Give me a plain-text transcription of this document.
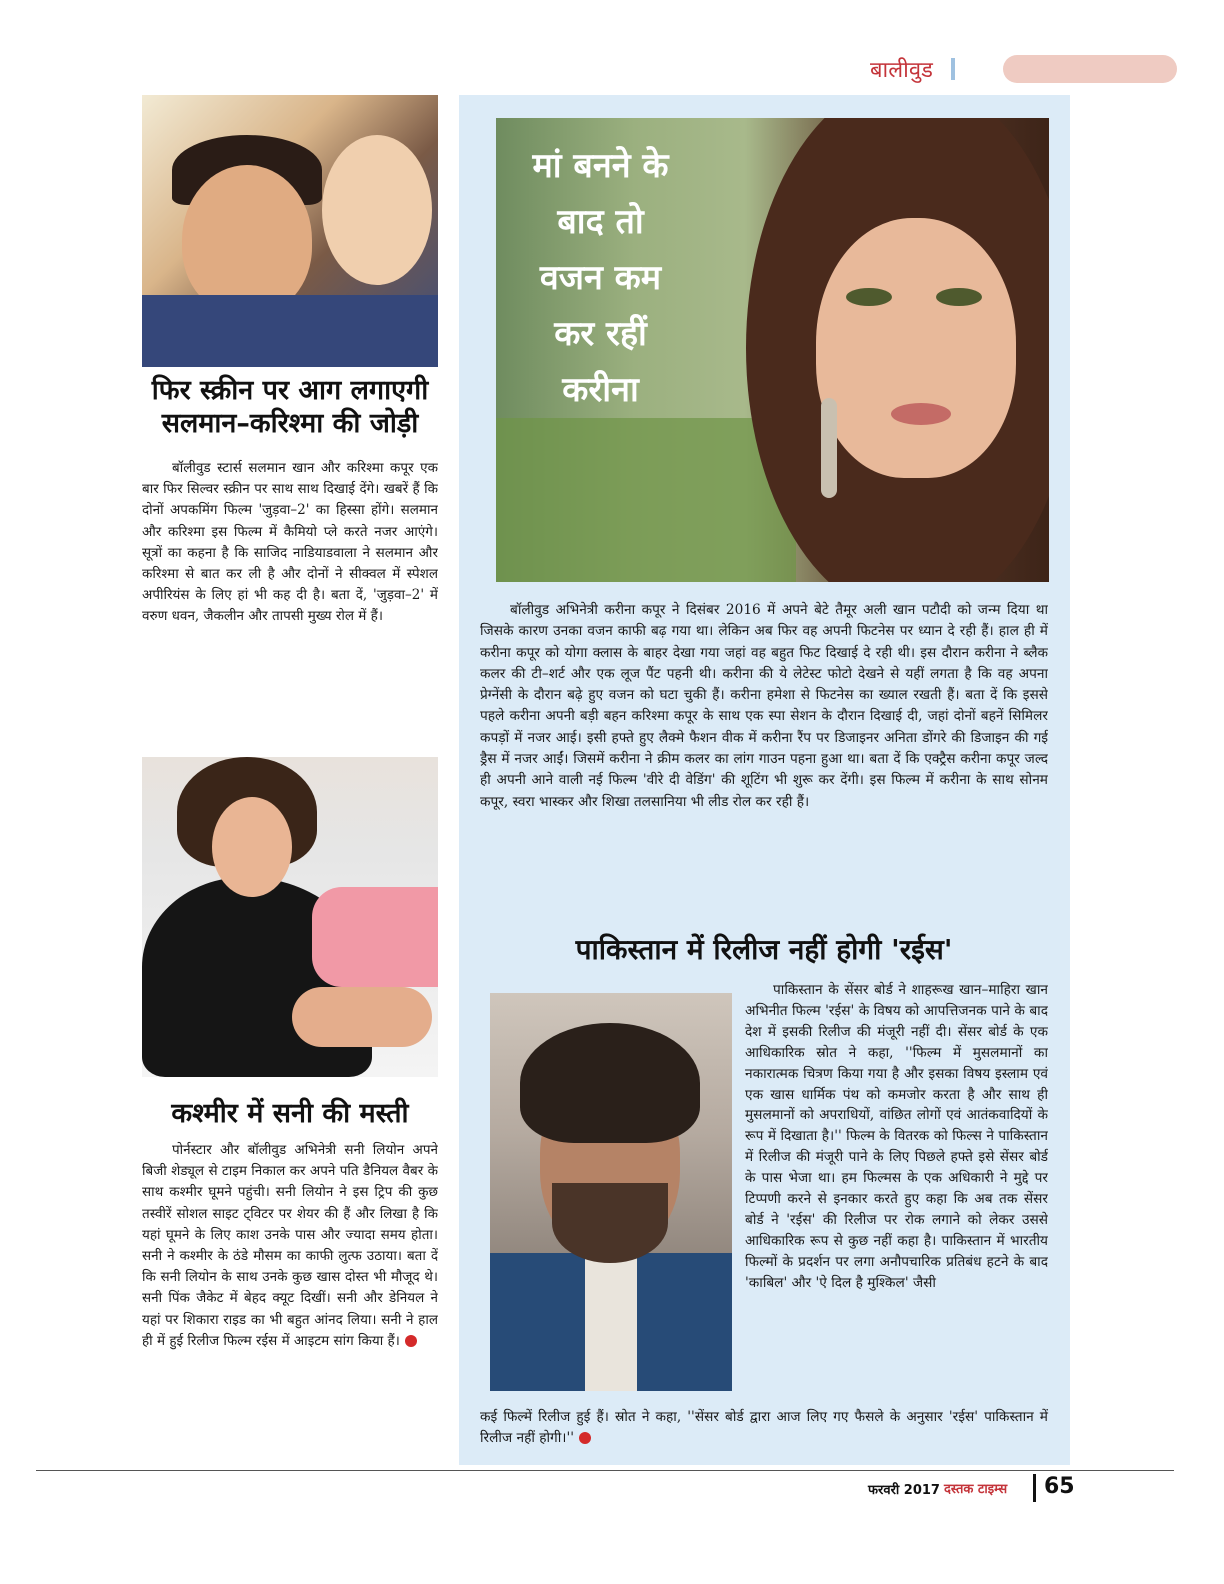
बालीवुड
फिर स्क्रीन पर आग लगाएगी
सलमान–करिश्मा की जोड़ी

बॉलीवुड स्टार्स सलमान खान और करिश्मा कपूर एक बार फिर सिल्वर स्क्रीन पर साथ साथ दिखाई देंगे। खबरें हैं कि दोनों अपकमिंग फिल्म 'जुड़वा–2' का हिस्सा होंगे। सलमान और करिश्मा इस फिल्म में कैमियो प्ले करते नजर आएंगे। सूत्रों का कहना है कि साजिद नाडियाडवाला ने सलमान और करिश्मा से बात कर ली है और दोनों ने सीक्वल में स्पेशल अपीरियंस के लिए हां भी कह दी है। बता दें, 'जुड़वा–2' में वरुण धवन, जैकलीन और तापसी मुख्य रोल में हैं।

कश्मीर में सनी की मस्ती

पोर्नस्टार और बॉलीवुड अभिनेत्री सनी लियोन अपने बिजी शेड्यूल से टाइम निकाल कर अपने पति डैनियल वैबर के साथ कश्मीर घूमने पहुंची। सनी लियोन ने इस ट्रिप की कुछ तस्वीरें सोशल साइट ट्विटर पर शेयर की हैं और लिखा है कि यहां घूमने के लिए काश उनके पास और ज्यादा समय होता। सनी ने कश्मीर के ठंडे मौसम का काफी लुत्फ उठाया। बता दें कि सनी लियोन के साथ उनके कुछ खास दोस्त भी मौजूद थे। सनी पिंक जैकेट में बेहद क्यूट दिखीं। सनी और डेनियल ने यहां पर शिकारा राइड का भी बहुत आंनद लिया। सनी ने हाल ही में हुई रिलीज फिल्म रईस में आइटम सांग किया हैं।

मां बनने के
बाद तो
वजन कम
कर रहीं
करीना

बॉलीवुड अभिनेत्री करीना कपूर ने दिसंबर 2016 में अपने बेटे तैमूर अली खान पटौदी को जन्म दिया था जिसके कारण उनका वजन काफी बढ़ गया था। लेकिन अब फिर वह अपनी फिटनेस पर ध्यान दे रही हैं। हाल ही में करीना कपूर को योगा क्लास के बाहर देखा गया जहां वह बहुत फिट दिखाई दे रही थी। इस दौरान करीना ने ब्लैक कलर की टी–शर्ट और एक लूज पैंट पहनी थी। करीना की ये लेटेस्ट फोटो देखने से यहीं लगता है कि वह अपना प्रेग्नेंसी के दौरान बढ़े हुए वजन को घटा चुकी हैं। करीना हमेशा से फिटनेस का ख्याल रखती हैं। बता दें कि इससे पहले करीना अपनी बड़ी बहन करिश्मा कपूर के साथ एक स्पा सेशन के दौरान दिखाई दी, जहां दोनों बहनें सिमिलर कपड़ों में नजर आई। इसी हफ्ते हुए लैक्मे फैशन वीक में करीना रैंप पर डिजाइनर अनिता डोंगरे की डिजाइन की गई ड्रैस में नजर आईं। जिसमें करीना ने क्रीम कलर का लांग गाउन पहना हुआ था। बता दें कि एक्ट्रैस करीना कपूर जल्द ही अपनी आने वाली नई फिल्म 'वीरे दी वेडिंग' की शूटिंग भी शुरू कर देंगी। इस फिल्म में करीना के साथ सोनम कपूर, स्वरा भास्कर और शिखा तलसानिया भी लीड रोल कर रही हैं।

पाकिस्तान में रिलीज नहीं होगी 'रईस'

पाकिस्तान के सेंसर बोर्ड ने शाहरूख खान–माहिरा खान अभिनीत फिल्म 'रईस' के विषय को आपत्तिजनक पाने के बाद देश में इसकी रिलीज की मंजूरी नहीं दी। सेंसर बोर्ड के एक आधिकारिक स्रोत ने कहा, ''फिल्म में मुसलमानों का नकारात्मक चित्रण किया गया है और इसका विषय इस्लाम एवं एक खास धार्मिक पंथ को कमजोर करता है और साथ ही मुसलमानों को अपराधियों, वांछित लोगों एवं आतंकवादियों के रूप में दिखाता है।'' फिल्म के वितरक को फिल्स ने पाकिस्तान में रिलीज की मंजूरी पाने के लिए पिछले हफ्ते इसे सेंसर बोर्ड के पास भेजा था। हम फिल्मस के एक अधिकारी ने मुद्दे पर टिप्पणी करने से इनकार करते हुए कहा कि अब तक सेंसर बोर्ड ने 'रईस' की रिलीज पर रोक लगाने को लेकर उससे आधिकारिक रूप से कुछ नहीं कहा है। पाकिस्तान में भारतीय फिल्मों के प्रदर्शन पर लगा अनौपचारिक प्रतिबंध हटने के बाद 'काबिल' और 'ऐ दिल है मुश्किल' जैसी

कई फिल्में रिलीज हुई हैं। स्रोत ने कहा, ''सेंसर बोर्ड द्वारा आज लिए गए फैसले के अनुसार 'रईस' पाकिस्तान में रिलीज नहीं होगी।''

फरवरी 2017 दस्तक टाइम्स 65
